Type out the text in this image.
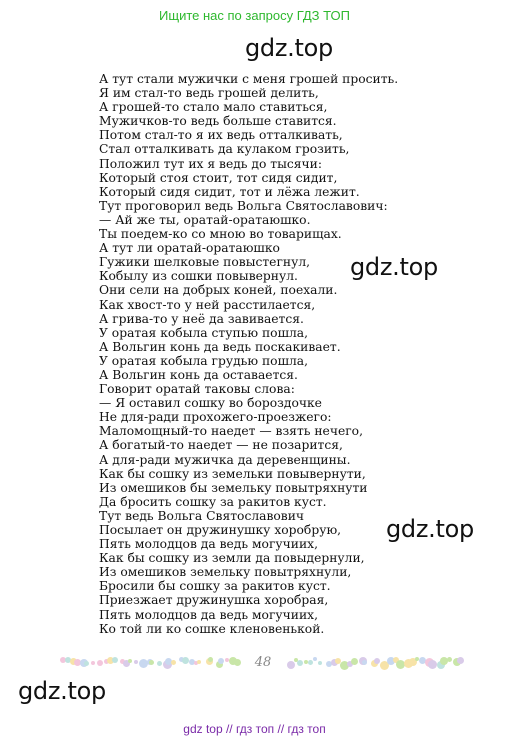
Ищите нас по запросу ГДЗ ТОП
gdz.top
gdz.top
gdz.top
gdz.top
А тут стали мужички с меня грошей просить.
Я им стал-то ведь грошей делить,
А грошей-то стало мало ставиться,
Мужичков-то ведь больше ставится.
Потом стал-то я их ведь отталкивать,
Стал отталкивать да кулаком грозить,
Положил тут их я ведь до тысячи:
Который стоя стоит, тот сидя сидит,
Который сидя сидит, тот и лёжа лежит.
Тут проговорил ведь Вольга Святославович:
— Ай же ты, оратай-оратаюшко.
Ты поедем-ко со мною во товарищах.
А тут ли оратай-оратаюшко
Гужики шелковые повыстегнул,
Кобылу из сошки повывернул.
Они сели на добрых коней, поехали.
Как хвост-то у ней расстилается,
А грива-то у неё да завивается.
У оратая кобыла ступью пошла,
А Вольгин конь да ведь поскакивает.
У оратая кобыла грудью пошла,
А Вольгин конь да оставается.
Говорит оратай таковы слова:
— Я оставил сошку во бороздочке
Не для-ради прохожего-проезжего:
Маломощный-то наедет — взять нечего,
А богатый-то наедет — не позарится,
А для-ради мужичка да деревенщины.
Как бы сошку из земельки повывернути,
Из омешиков бы земельку повытряхнути
Да бросить сошку за ракитов куст.
Тут ведь Вольга Святославович
Посылает он дружинушку хоробрую,
Пять молодцов да ведь могучиих,
Как бы сошку из земли да повыдернули,
Из омешиков земельку повытряхнули,
Бросили бы сошку за ракитов куст.
Приезжает дружинушка хоробрая,
Пять молодцов да ведь могучиих,
Ко той ли ко сошке кленовенькой.
48
gdz top // гдз топ // гдз топ
